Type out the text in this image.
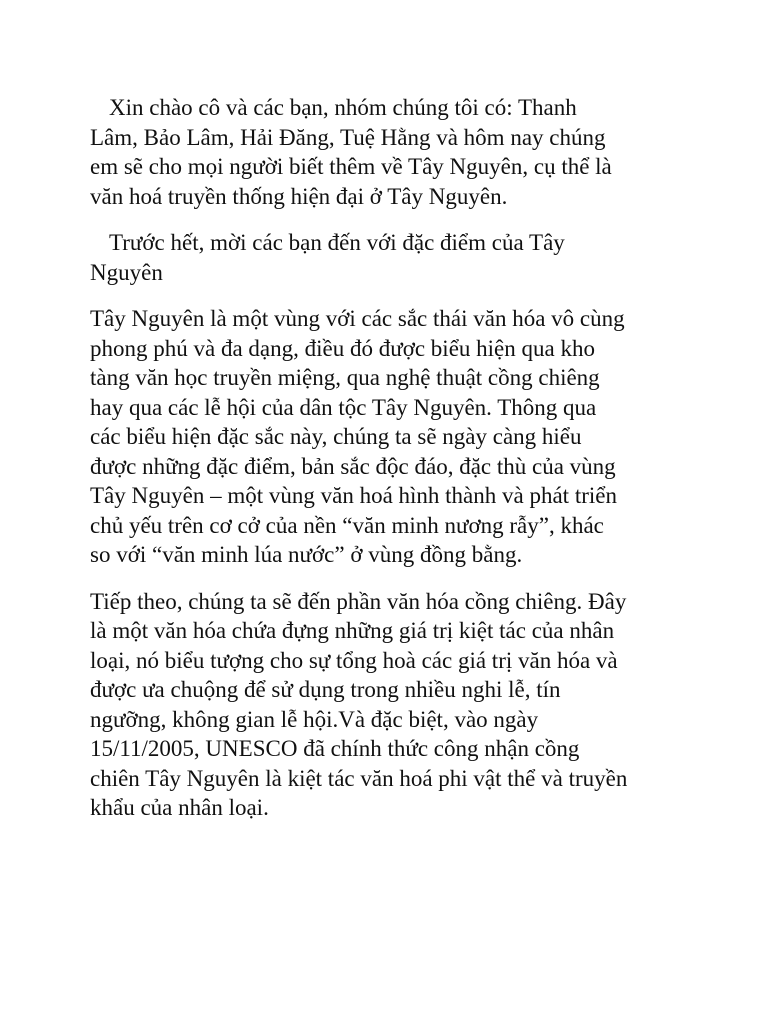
Xin chào cô và các bạn, nhóm chúng tôi có: Thanh
Lâm, Bảo Lâm, Hải Đăng, Tuệ Hằng và hôm nay chúng
em sẽ cho mọi người biết thêm về Tây Nguyên, cụ thể là
văn hoá truyền thống hiện đại ở Tây Nguyên.

Trước hết, mời các bạn đến với đặc điểm của Tây
Nguyên

Tây Nguyên là một vùng với các sắc thái văn hóa vô cùng
phong phú và đa dạng, điều đó được biểu hiện qua kho
tàng văn học truyền miệng, qua nghệ thuật cồng chiêng
hay qua các lễ hội của dân tộc Tây Nguyên. Thông qua
các biểu hiện đặc sắc này, chúng ta sẽ ngày càng hiểu
được những đặc điểm, bản sắc độc đáo, đặc thù của vùng
Tây Nguyên – một vùng văn hoá hình thành và phát triển
chủ yếu trên cơ cở của nền “văn minh nương rẫy”, khác
so với “văn minh lúa nước” ở vùng đồng bằng.

Tiếp theo, chúng ta sẽ đến phần văn hóa cồng chiêng. Đây
là một văn hóa chứa đựng những giá trị kiệt tác của nhân
loại, nó biểu tượng cho sự tổng hoà các giá trị văn hóa và
được ưa chuộng để sử dụng trong nhiều nghi lễ, tín
ngưỡng, không gian lễ hội.Và đặc biệt, vào ngày
15/11/2005, UNESCO đã chính thức công nhận cồng
chiên Tây Nguyên là kiệt tác văn hoá phi vật thể và truyền
khẩu của nhân loại.
